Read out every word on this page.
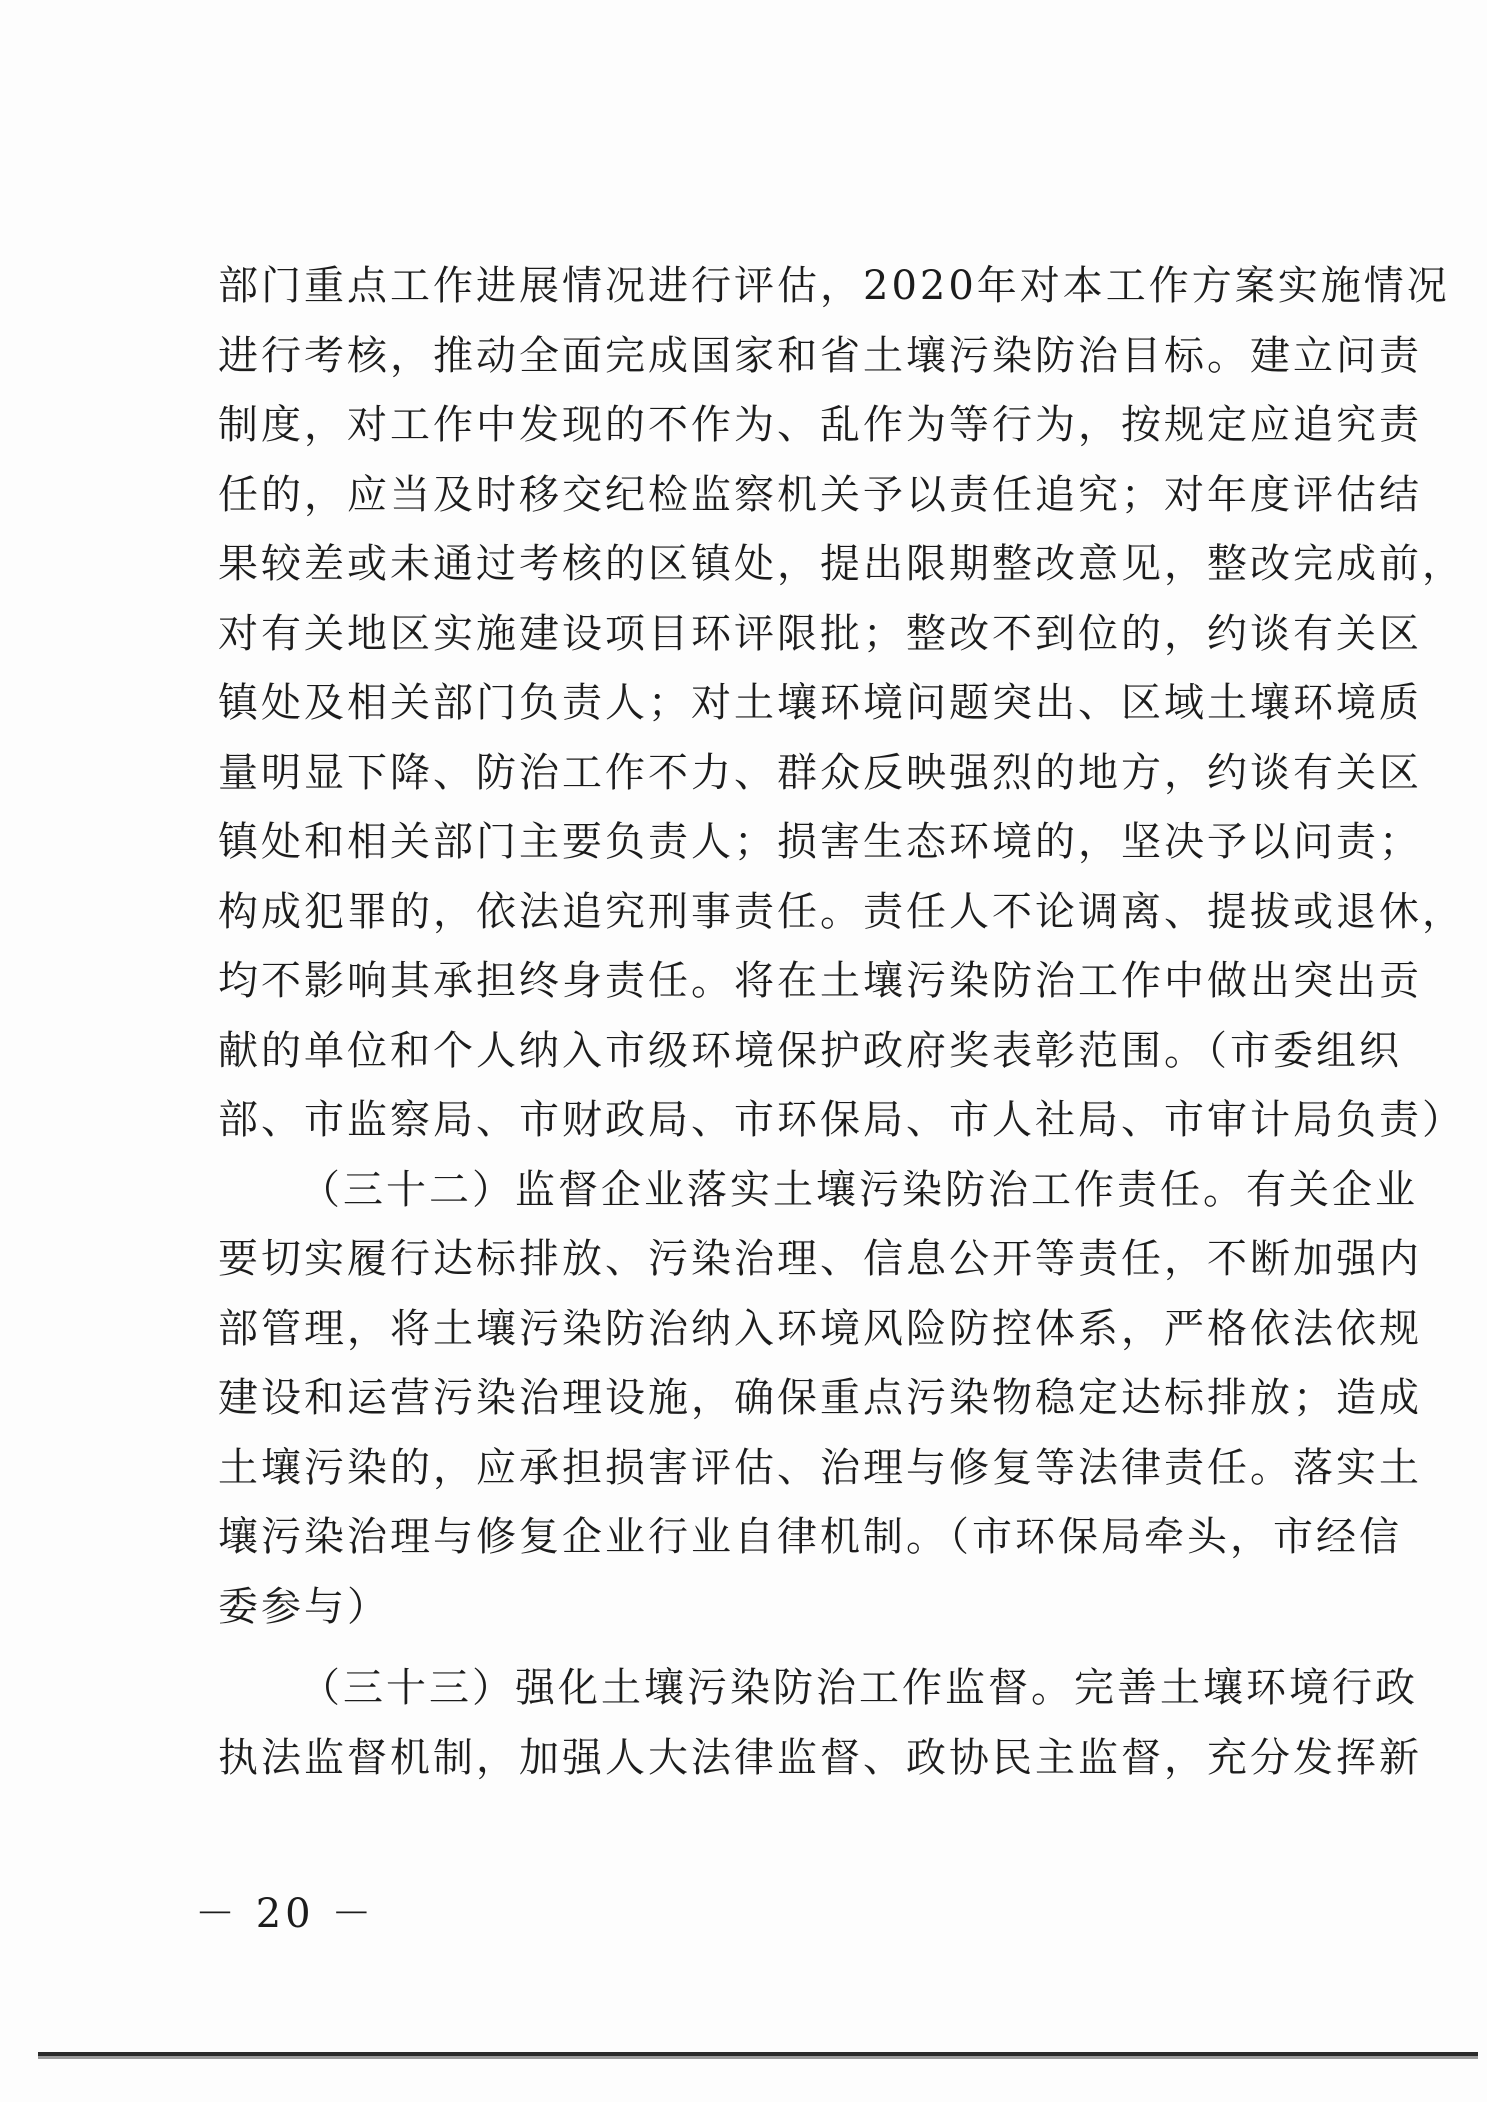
部门重点工作进展情况进行评估，2020年对本工作方案实施情况
进行考核，推动全面完成国家和省土壤污染防治目标。建立问责
制度，对工作中发现的不作为、乱作为等行为，按规定应追究责
任的，应当及时移交纪检监察机关予以责任追究；对年度评估结
果较差或未通过考核的区镇处，提出限期整改意见，整改完成前，
对有关地区实施建设项目环评限批；整改不到位的，约谈有关区
镇处及相关部门负责人；对土壤环境问题突出、区域土壤环境质
量明显下降、防治工作不力、群众反映强烈的地方，约谈有关区
镇处和相关部门主要负责人；损害生态环境的，坚决予以问责；
构成犯罪的，依法追究刑事责任。责任人不论调离、提拔或退休，
均不影响其承担终身责任。将在土壤污染防治工作中做出突出贡
献的单位和个人纳入市级环境保护政府奖表彰范围。（市委组织
部、市监察局、市财政局、市环保局、市人社局、市审计局负责）
（三十二）监督企业落实土壤污染防治工作责任。有关企业
要切实履行达标排放、污染治理、信息公开等责任，不断加强内
部管理，将土壤污染防治纳入环境风险防控体系，严格依法依规
建设和运营污染治理设施，确保重点污染物稳定达标排放；造成
土壤污染的，应承担损害评估、治理与修复等法律责任。落实土
壤污染治理与修复企业行业自律机制。（市环保局牵头，市经信
委参与）
（三十三）强化土壤污染防治工作监督。完善土壤环境行政
执法监督机制，加强人大法律监督、政协民主监督，充分发挥新
－ 20 －
